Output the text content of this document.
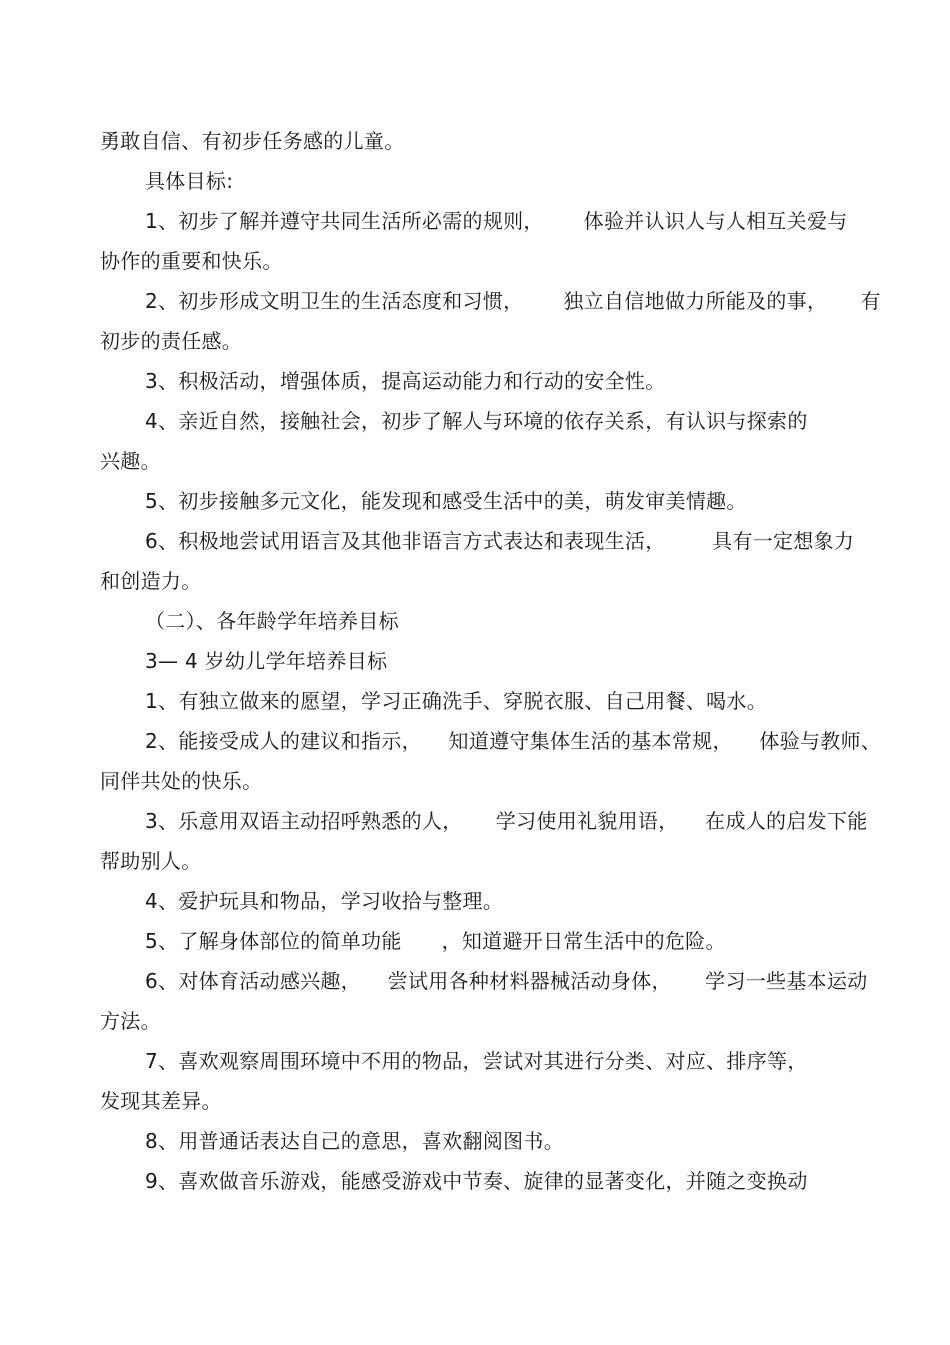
勇敢自信、有初步任务感的儿童。
具体目标:
1、初步了解并遵守共同生活所必需的规则，      体验并认识人与人相互关爱与
协作的重要和快乐。
2、初步形成文明卫生的生活态度和习惯，      独立自信地做力所能及的事，     有
初步的责任感。
3、积极活动，增强体质，提高运动能力和行动的安全性。
4、亲近自然，接触社会，初步了解人与环境的依存关系，有认识与探索的
兴趣。
5、初步接触多元文化，能发现和感受生活中的美，萌发审美情趣。
6、积极地尝试用语言及其他非语言方式表达和表现生活，       具有一定想象力
和创造力。
（二）、各年龄学年培养目标
3— 4 岁幼儿学年培养目标
1、有独立做来的愿望，学习正确洗手、穿脱衣服、自己用餐、喝水。
2、能接受成人的建议和指示，    知道遵守集体生活的基本常规，    体验与教师、
同伴共处的快乐。
3、乐意用双语主动招呼熟悉的人，     学习使用礼貌用语，    在成人的启发下能
帮助别人。
4、爱护玩具和物品，学习收拾与整理。
5、了解身体部位的简单功能      ，知道避开日常生活中的危险。
6、对体育活动感兴趣，    尝试用各种材料器械活动身体，     学习一些基本运动
方法。
7、喜欢观察周围环境中不用的物品，尝试对其进行分类、对应、排序等，
发现其差异。
8、用普通话表达自己的意思，喜欢翻阅图书。
9、喜欢做音乐游戏，能感受游戏中节奏、旋律的显著变化，并随之变换动
